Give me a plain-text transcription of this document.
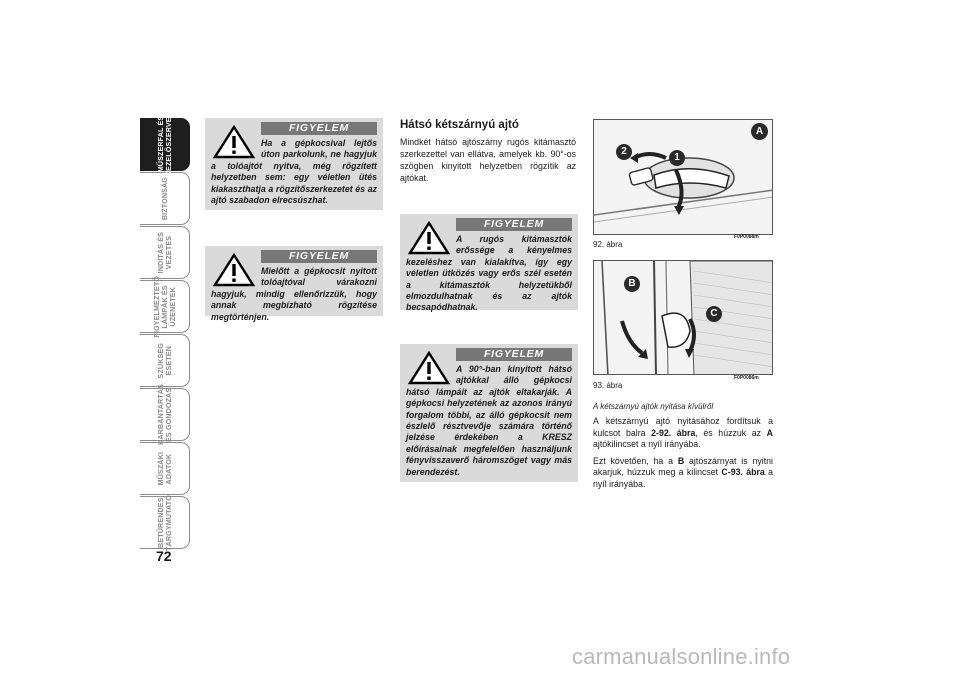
MŰSZERFAL ÉS
KEZELŐSZERVEK
BIZTONSÁG
INDÍTÁS ÉS
VEZETÉS
FIGYELMEZTETŐ
LÁMPÁK ÉS
ÜZENETEK
SZÜKSÉG
ESETÉN
KARBANTARTÁS
ÉS GONDOZÁS
MŰSZAKI
ADATOK
BETŰRENDES
TÁRGYMUTATÓ
72
FIGYELEM
Ha a gépkocsival lejtős úton parkolunk, ne hagyjuk a tolóajtót nyitva, még rögzített helyzetben sem: egy véletlen ütés kiakaszthatja a rögzítőszerkezetet és az ajtó szabadon elrecsúszhat.
FIGYELEM
Mielőtt a gépkocsit nyitott tolóajtóval várakozni hagyjuk, mindig ellenőrizzük, hogy annak megbízható rögzítése megtörténjen.
Hátsó kétszárnyú ajtó
Mindkét hátsó ajtószárny rugós kitámasztó szerkezettel van ellátva, amelyek kb. 90°-os szögben kinyitott helyzetben rögzítik az ajtókat.
FIGYELEM
A rugós kitámasztók erőssége a kényelmes kezeléshez van kialakítva, így egy véletlen ütközés vagy erős szél esetén a kitámasztók helyzetükből elmozdulhatnak és az ajtók becsapódhatnak.
FIGYELEM
A 90°-ban kinyitott hátsó ajtókkal álló gépkocsi hátsó lámpáit az ajtók eltakarják. A gépkocsi helyzetének az azonos irányú forgalom többi, az álló gépkocsit nem észlelő résztvevője számára történő jelzése érdekében a KRESZ előírásainak megfelelően használjunk fényvisszaverő háromszöget vagy más berendezést.
A
1
2
F0P0088m
92. ábra
B
C
F0P0086m
93. ábra
A kétszárnyú ajtók nyitása kívülről

A kétszárnyú ajtó nyitásához fordítsuk a kulcsot balra 2-92. ábra, és húzzuk az A ajtókilincset a nyíl irányába.

Ezt követően, ha a B ajtószárnyat is nyitni akarjuk, húzzuk meg a kilincset C-93. ábra a nyíl irányába.

carmanualsonline.info
